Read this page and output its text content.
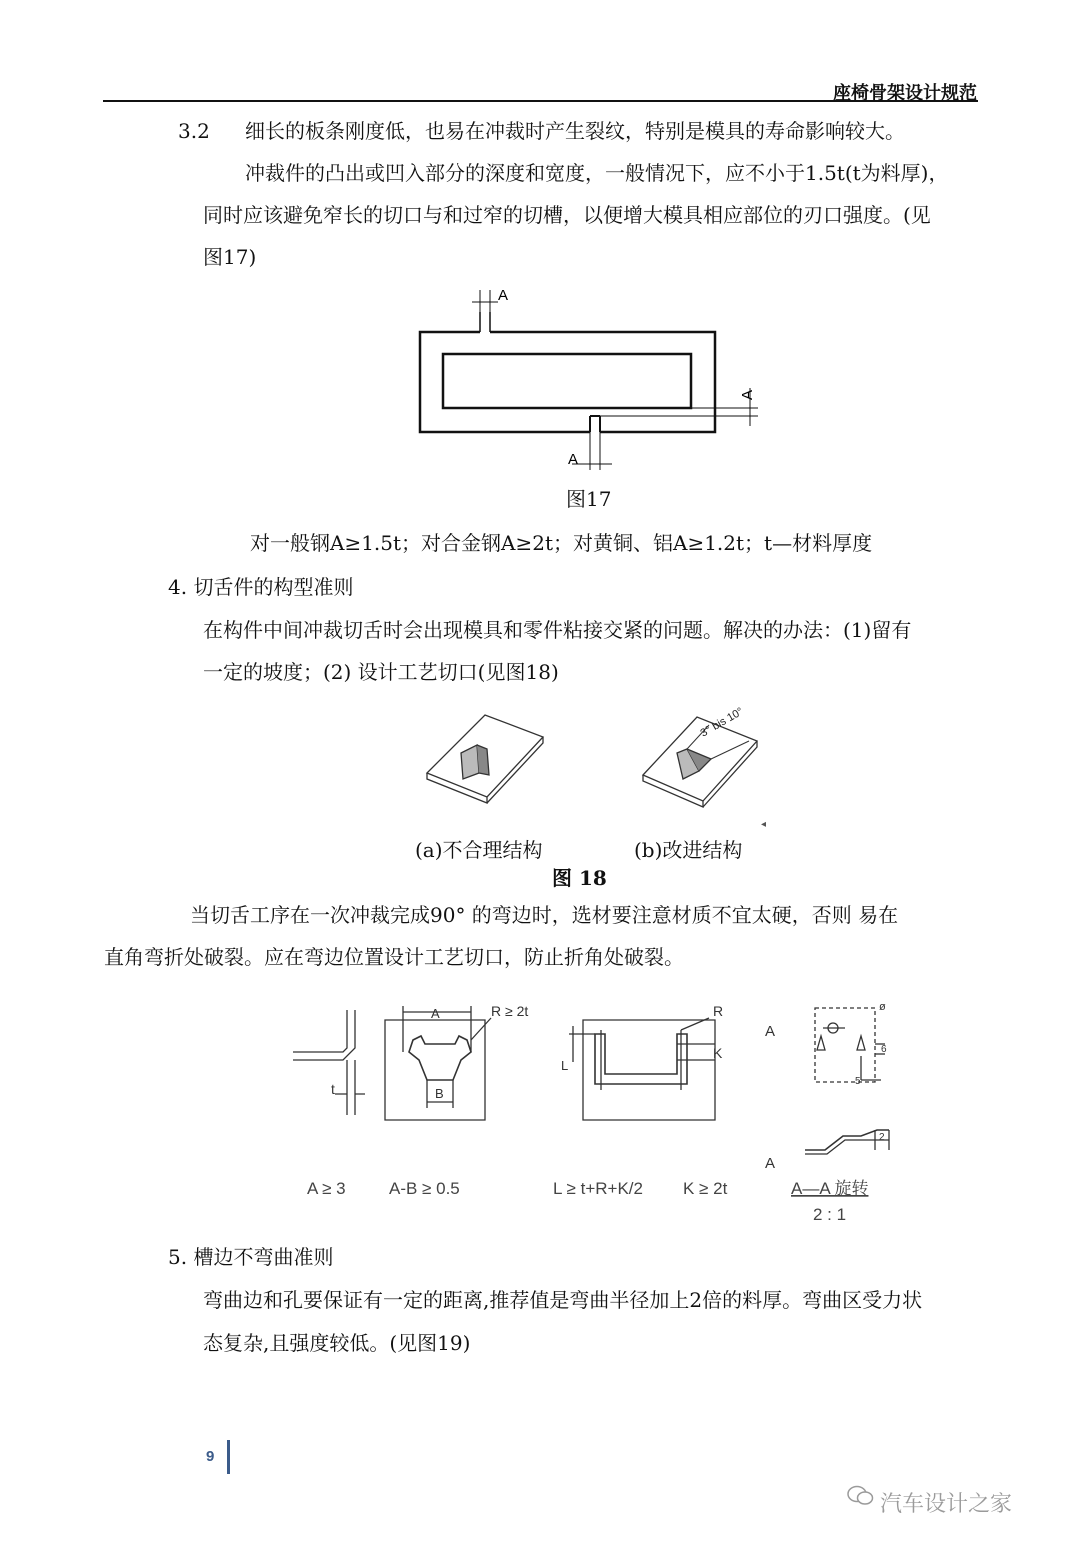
座椅骨架设计规范
3.2 细长的板条刚度低，也易在冲裁时产生裂纹，特别是模具的寿命影响较大。
冲裁件的凸出或凹入部分的深度和宽度，一般情况下，应不小于1.5t(t为料厚)，
同时应该避免窄长的切口与和过窄的切槽，以便增大模具相应部位的刃口强度。(见
图17)
A
A
A
图17
对一般钢A≥1.5t；对合金钢A≥2t；对黄铜、铝A≥1.2t；t—材料厚度
4. 切舌件的构型准则
在构件中间冲裁切舌时会出现模具和零件粘接交紧的问题。解决的办法：(1)留有
一定的坡度；(2) 设计工艺切口(见图18)
3° bis 10°
◂
(a)不合理结构	(b)改进结构
图 18
当切舌工序在一次冲裁完成90° 的弯边时，选材要注意材质不宜太硬，否则 易在
直角弯折处破裂。应在弯边位置设计工艺切口，防止折角处破裂。
t
A
B
R ≥ 2t	R
K
L
A
A
5
6
2
ø
A ≥ 3	A-B ≥ 0.5	L ≥ t+R+K/2 K ≥ 2t	A—A 旋转
2 : 1
5. 槽边不弯曲准则
弯曲边和孔要保证有一定的距离,推荐值是弯曲半径加上2倍的料厚。弯曲区受力状
态复杂,且强度较低。(见图19)
9
汽车设计之家
